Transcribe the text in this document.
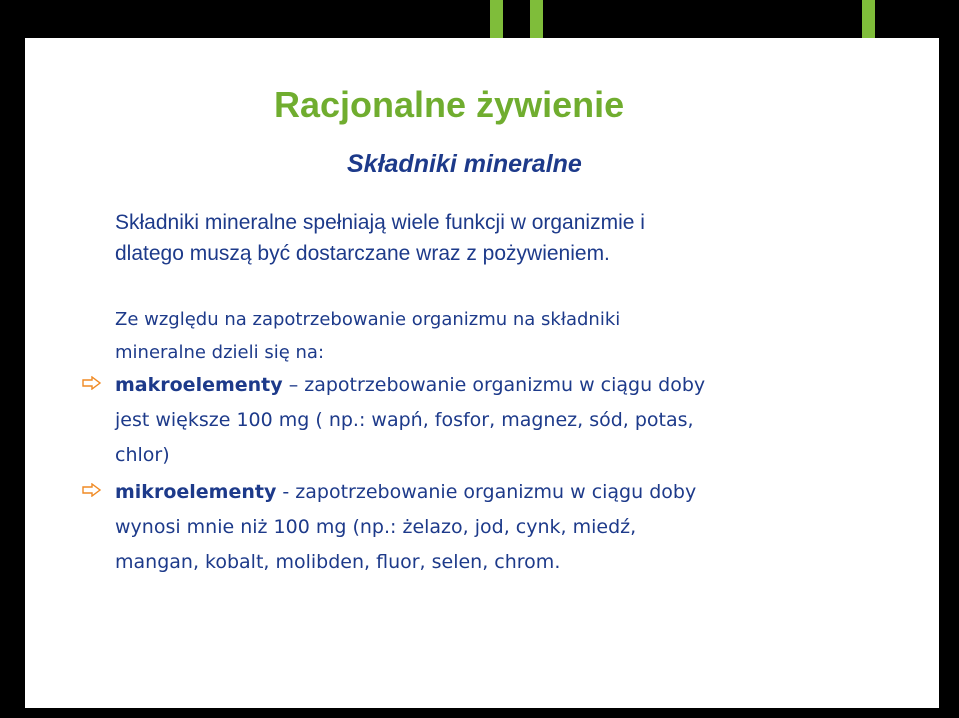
Racjonalne żywienie
Składniki mineralne

Składniki mineralne spełniają wiele funkcji w organizmie i
dlatego muszą być dostarczane wraz z pożywieniem.

Ze względu na zapotrzebowanie organizmu na składniki
mineralne dzieli się na:

makroelementy – zapotrzebowanie organizmu w ciągu doby
jest większe 100 mg ( np.: wapń, fosfor, magnez, sód, potas,
chlor)
mikroelementy - zapotrzebowanie organizmu w ciągu doby
wynosi mnie niż 100 mg (np.: żelazo, jod, cynk, miedź,
mangan, kobalt, molibden, fluor, selen, chrom.
